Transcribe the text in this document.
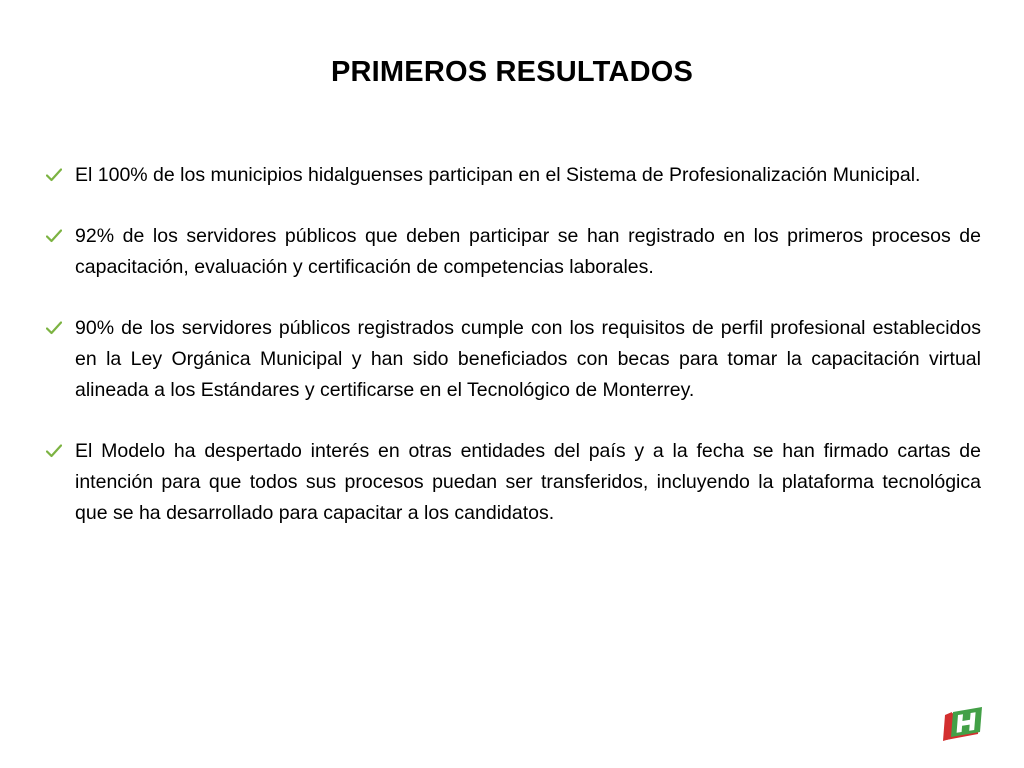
PRIMEROS RESULTADOS
El 100% de los municipios hidalguenses participan en el Sistema de Profesionalización Municipal.
92% de los servidores públicos que deben participar se han registrado en los primeros procesos de capacitación, evaluación y certificación de competencias laborales.
90% de los servidores públicos registrados cumple con los requisitos de perfil profesional establecidos en la Ley Orgánica Municipal y han sido beneficiados con becas para tomar la capacitación virtual alineada a los Estándares y certificarse en el Tecnológico de Monterrey.
El Modelo ha despertado interés en otras entidades del país y a la fecha se han firmado cartas de intención para que todos sus procesos puedan ser transferidos, incluyendo la plataforma tecnológica que se ha desarrollado para capacitar a los candidatos.
